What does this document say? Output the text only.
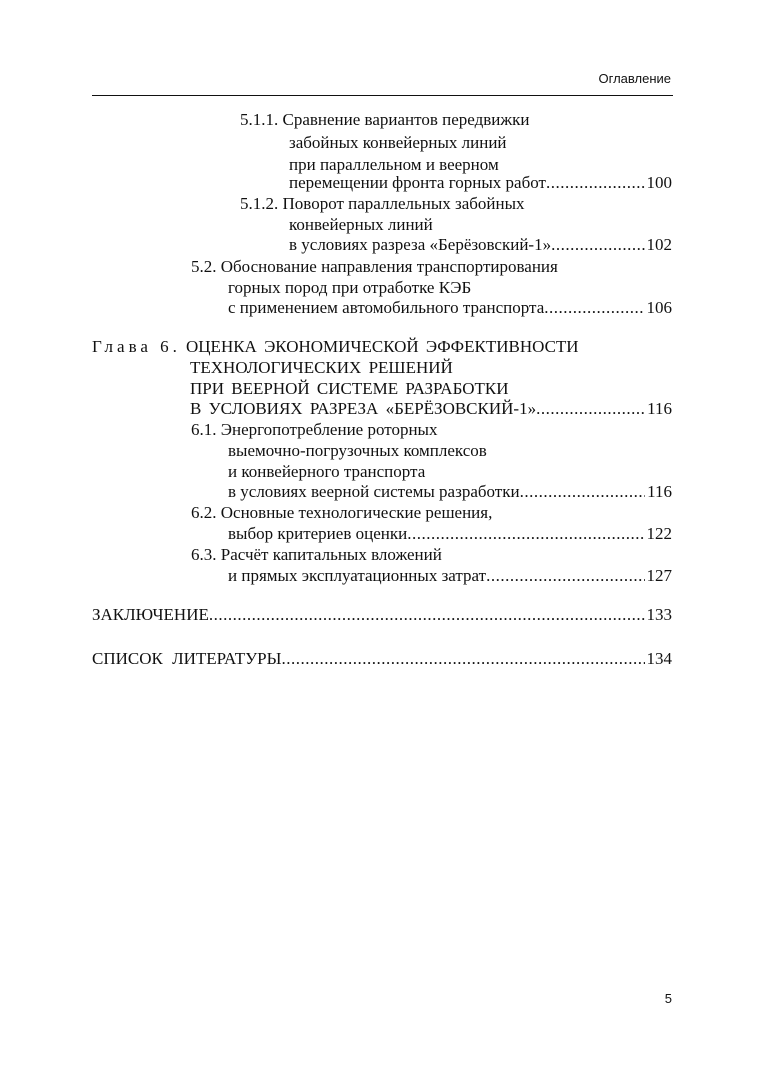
Оглавление
5.1.1. Сравнение вариантов передвижки
забойных конвейерных линий
при параллельном и веерном
перемещении фронта горных работ .....	100
5.1.2. Поворот параллельных забойных
конвейерных линий
в условиях разреза «Берёзовский-1» .....	102
5.2. Обоснование направления транспортирования
горных пород при отработке КЭБ
с применением автомобильного транспорта .....	106
Глава 6. ОЦЕНКА ЭКОНОМИЧЕСКОЙ ЭФФЕКТИВНОСТИ
ТЕХНОЛОГИЧЕСКИХ РЕШЕНИЙ
ПРИ ВЕЕРНОЙ СИСТЕМЕ РАЗРАБОТКИ
В УСЛОВИЯХ РАЗРЕЗА «БЕРЁЗОВСКИЙ-1» .....	116
6.1. Энергопотребление роторных
выемочно-погрузочных комплексов
и конвейерного транспорта
в условиях веерной системы разработки .....	116
6.2. Основные технологические решения,
выбор критериев оценки .....	122
6.3. Расчёт капитальных вложений
и прямых эксплуатационных затрат .....	127
ЗАКЛЮЧЕНИЕ .....	133
СПИСОК ЛИТЕРАТУРЫ .....	134
5
